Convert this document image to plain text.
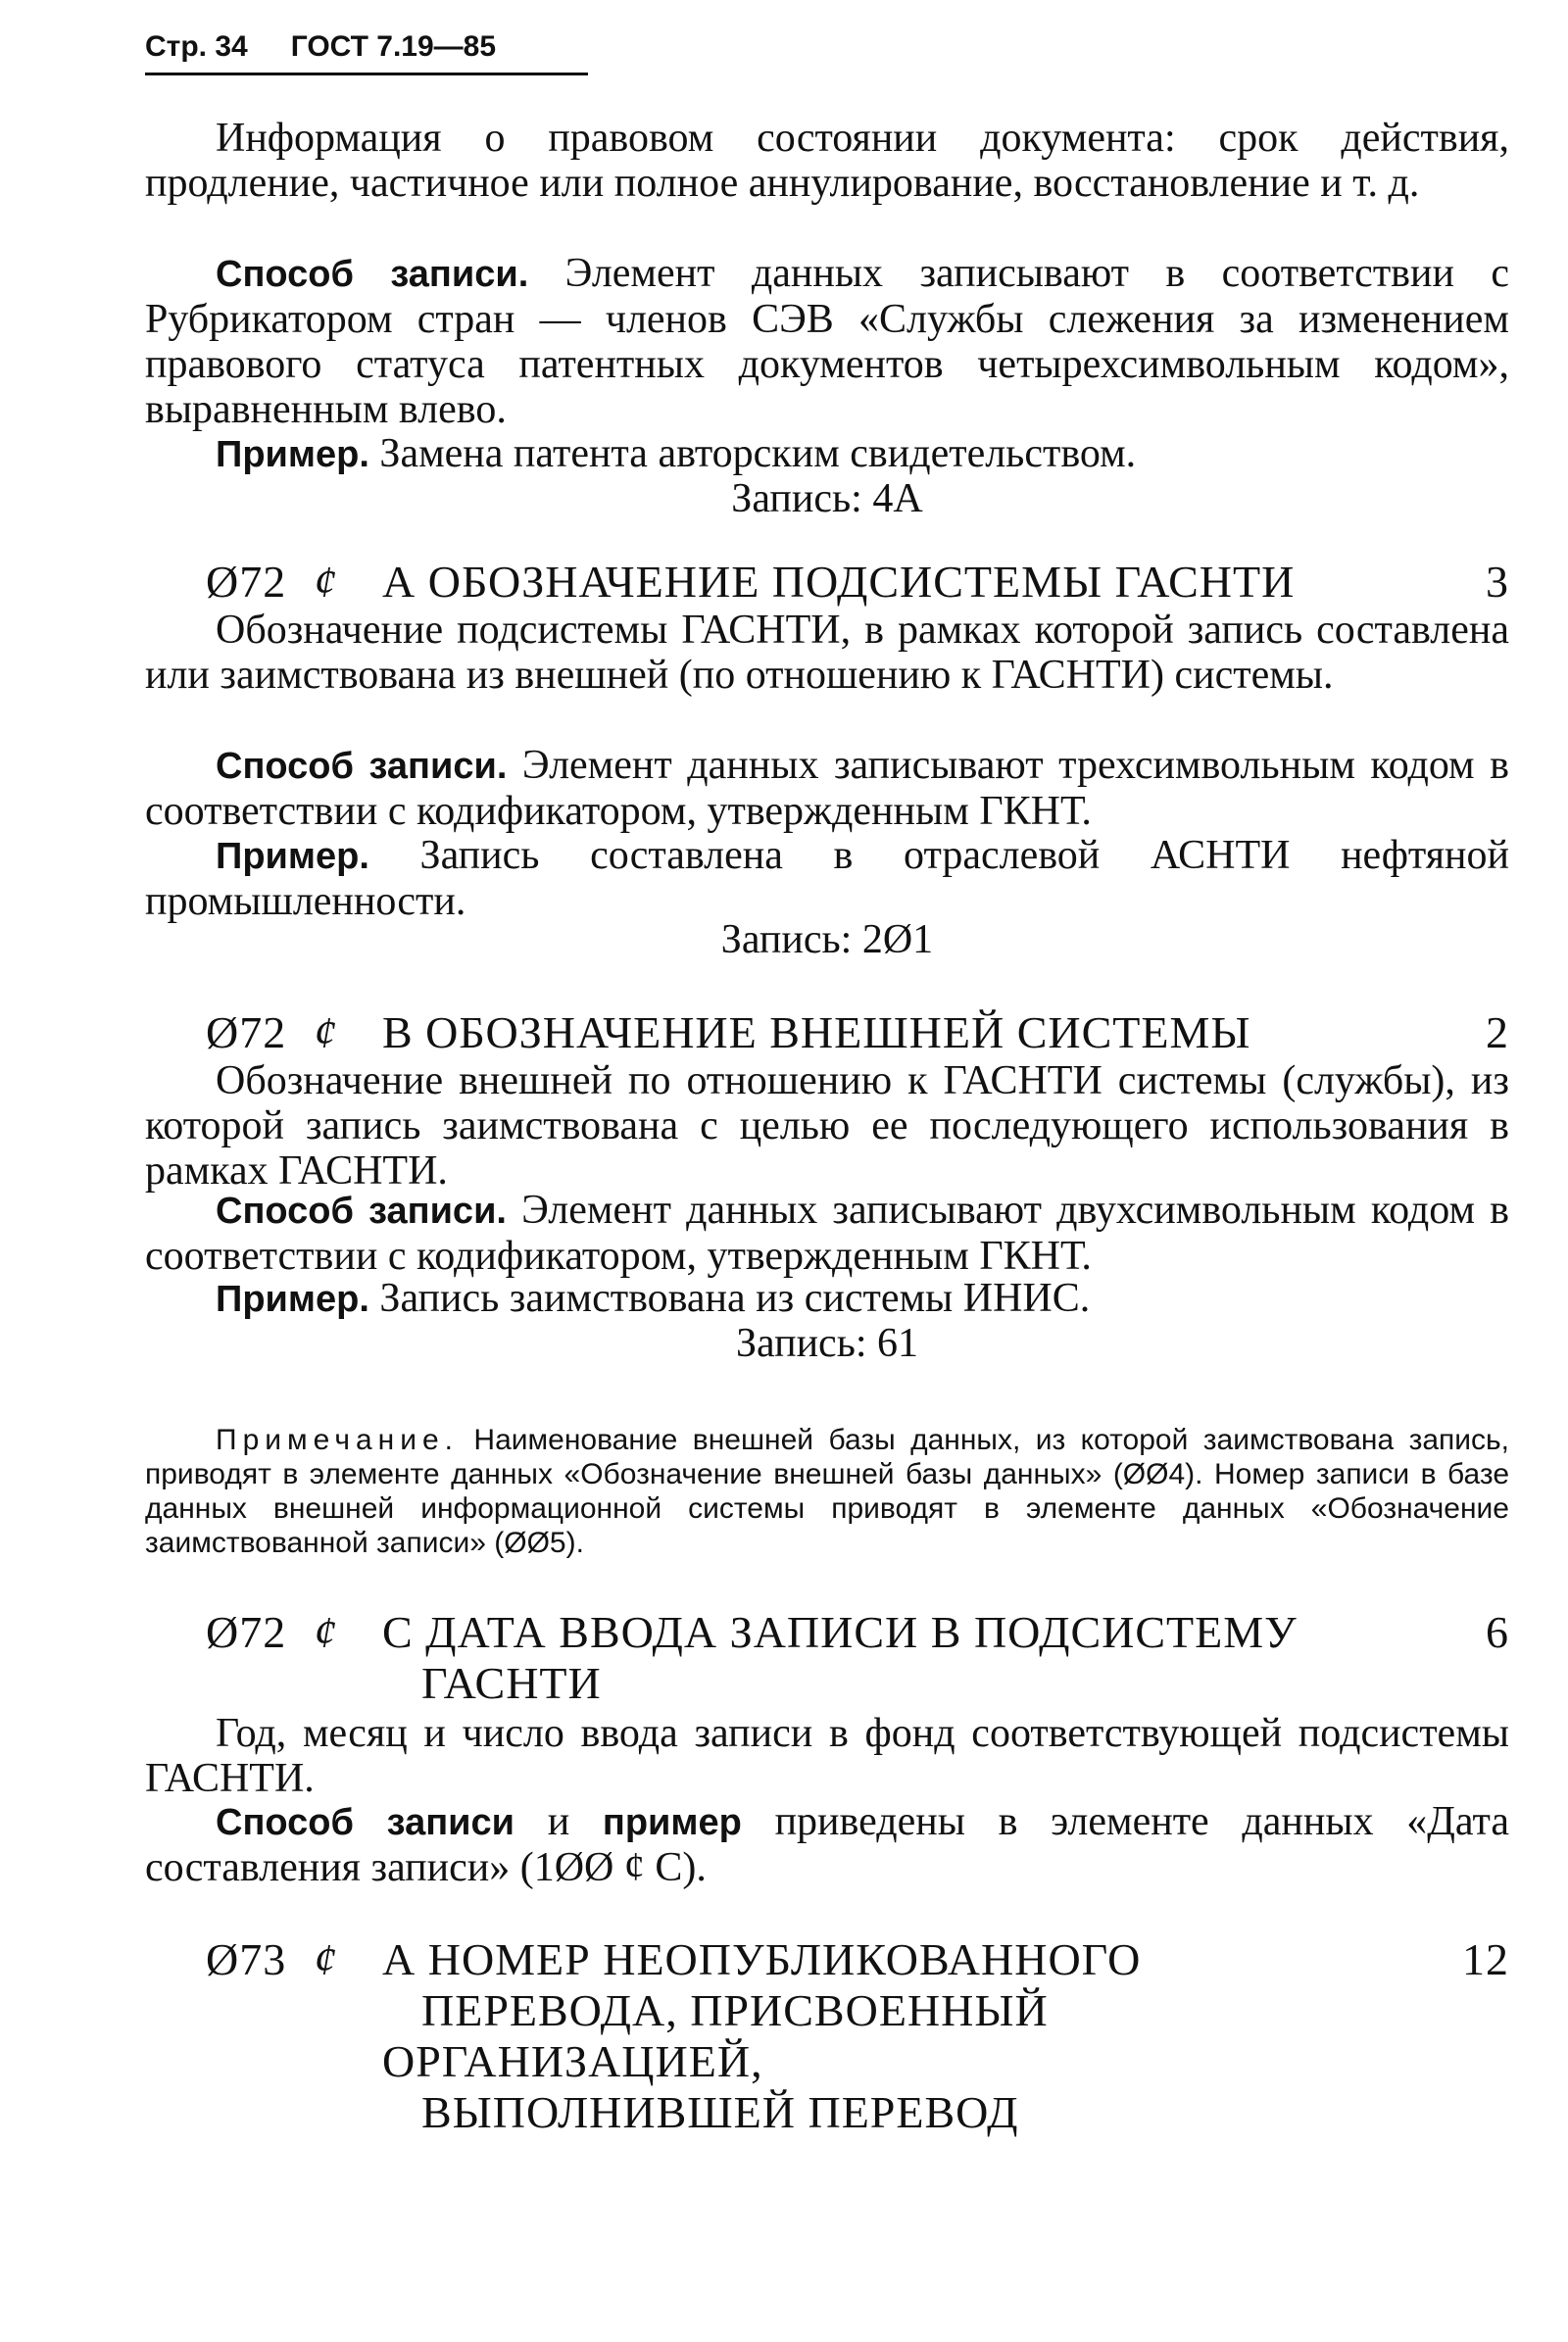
Стр. 34 ГОСТ 7.19—85
Информация о правовом состоянии документа: срок действия, продление, частичное или полное аннулирование, восстановление и т. д.
Способ записи. Элемент данных записывают в соответствии с Рубрикатором стран — членов СЭВ «Службы слежения за изменением правового статуса патентных документов четырехсимвольным кодом», выравненным влево.
Пример. Замена патента авторским свидетельством.
Запись: 4А
Ø72 ȼ А ОБОЗНАЧЕНИЕ ПОДСИСТЕМЫ ГАСНТИ	3
Обозначение подсистемы ГАСНТИ, в рамках которой запись составлена или заимствована из внешней (по отношению к ГАСНТИ) системы.
Способ записи. Элемент данных записывают трехсимвольным кодом в соответствии с кодификатором, утвержденным ГКНТ.
Пример. Запись составлена в отраслевой АСНТИ нефтяной промышленности.
Запись: 2Ø1
Ø72 ȼ В ОБОЗНАЧЕНИЕ ВНЕШНЕЙ СИСТЕМЫ	2
Обозначение внешней по отношению к ГАСНТИ системы (службы), из которой запись заимствована с целью ее последующего использования в рамках ГАСНТИ.
Способ записи. Элемент данных записывают двухсимвольным кодом в соответствии с кодификатором, утвержденным ГКНТ.
Пример. Запись заимствована из системы ИНИС.
Запись: 61
Примечание. Наименование внешней базы данных, из которой заимствована запись, приводят в элементе данных «Обозначение внешней базы данных» (ØØ4). Номер записи в базе данных внешней информационной системы приводят в элементе данных «Обозначение заимствованной записи» (ØØ5).
Ø72 ȼ С ДАТА ВВОДА ЗАПИСИ В ПОДСИСТЕМУ
ГАСНТИ
6
Год, месяц и число ввода записи в фонд соответствующей подсистемы ГАСНТИ.
Способ записи и пример приведены в элементе данных «Дата составления записи» (1ØØ ȼ С).
Ø73 ȼ А НОМЕР НЕОПУБЛИКОВАННОГО
ПЕРЕВОДА, ПРИСВОЕННЫЙ ОРГАНИЗАЦИЕЙ,
ВЫПОЛНИВШЕЙ ПЕРЕВОД
12
